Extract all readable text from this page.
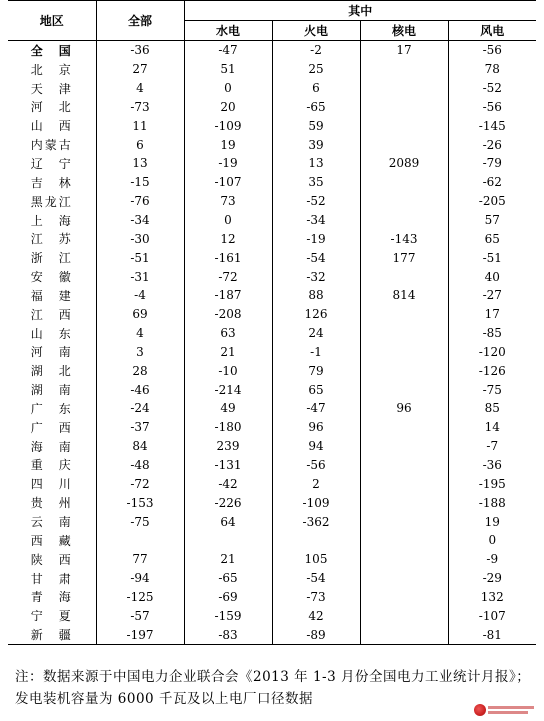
地区	全部	其中			
		水电	火电	核电	风电
全　国	-36	-47	-2	17	-56
北　京	27	51	25		78
天　津	4	0	6		-52
河　北	-73	20	-65		-56
山　西	11	-109	59		-145
内蒙古	6	19	39		-26
辽　宁	13	-19	13	2089	-79
吉　林	-15	-107	35		-62
黑龙江	-76	73	-52		-205
上　海	-34	0	-34		57
江　苏	-30	12	-19	-143	65
浙　江	-51	-161	-54	177	-51
安　徽	-31	-72	-32		40
福　建	-4	-187	88	814	-27
江　西	69	-208	126		17
山　东	4	63	24		-85
河　南	3	21	-1		-120
湖　北	28	-10	79		-126
湖　南	-46	-214	65		-75
广　东	-24	49	-47	96	85
广　西	-37	-180	96		14
海　南	84	239	94		-7
重　庆	-48	-131	-56		-36
四　川	-72	-42	2		-195
贵　州	-153	-226	-109		-188
云　南	-75	64	-362		19
西　藏					0
陕　西	77	21	105		-9
甘　肃	-94	-65	-54		-29
青　海	-125	-69	-73		132
宁　夏	-57	-159	42		-107
新　疆	-197	-83	-89		-81
注：数据来源于中国电力企业联合会《2013 年 1-3 月份全国电力工业统计月报》；发电装机容量为 6000 千瓦及以上电厂口径数据
